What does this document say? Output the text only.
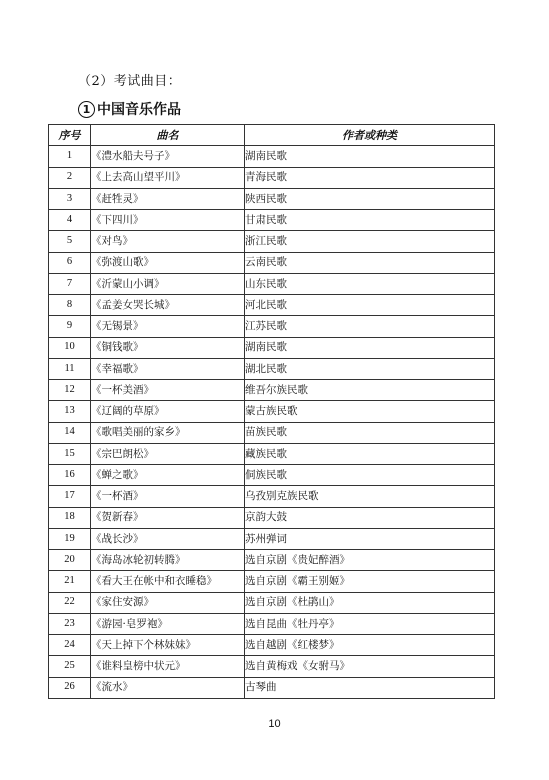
（2）考试曲目：
1 中国音乐作品
序号	曲名	作者或种类
1	《澧水船夫号子》	湖南民歌
2	《上去高山望平川》	青海民歌
3	《赶牲灵》	陕西民歌
4	《下四川》	甘肃民歌
5	《对鸟》	浙江民歌
6	《弥渡山歌》	云南民歌
7	《沂蒙山小调》	山东民歌
8	《孟姜女哭长城》	河北民歌
9	《无锡景》	江苏民歌
10	《铜钱歌》	湖南民歌
11	《幸福歌》	湖北民歌
12	《一杯美酒》	维吾尔族民歌
13	《辽阔的草原》	蒙古族民歌
14	《歌唱美丽的家乡》	苗族民歌
15	《宗巴朗松》	藏族民歌
16	《蝉之歌》	侗族民歌
17	《一杯酒》	乌孜别克族民歌
18	《贺新春》	京韵大鼓
19	《战长沙》	苏州弹词
20	《海岛冰轮初转腾》	选自京剧《贵妃醉酒》
21	《看大王在帐中和衣睡稳》	选自京剧《霸王别姬》
22	《家住安源》	选自京剧《杜鹃山》
23	《游园·皂罗袍》	选自昆曲《牡丹亭》
24	《天上掉下个林妹妹》	选自越剧《红楼梦》
25	《谁料皇榜中状元》	选自黄梅戏《女驸马》
26	《流水》	古琴曲
10
